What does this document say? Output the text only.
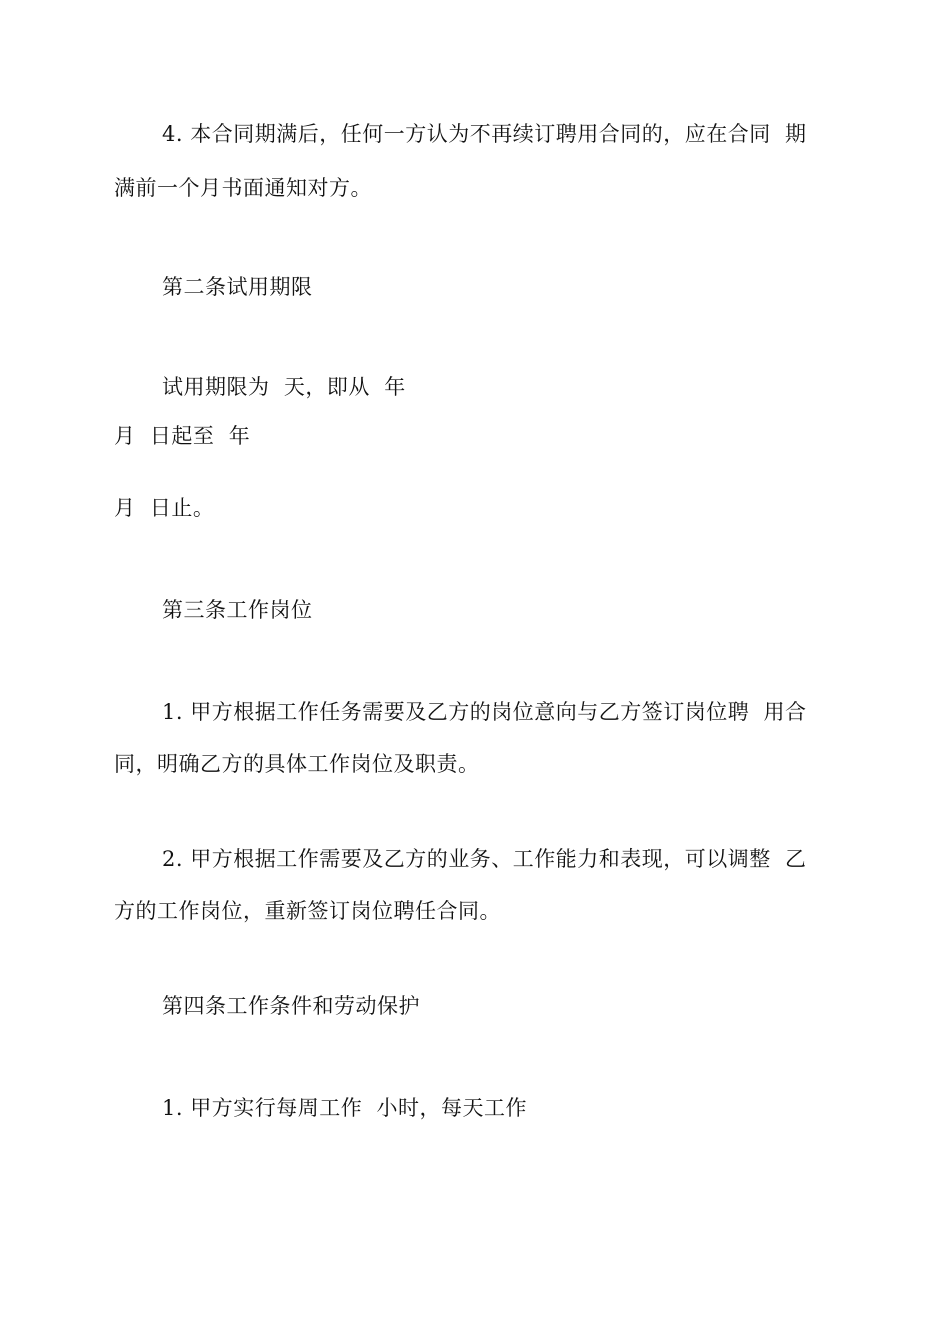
4. 本合同期满后，任何一方认为不再续订聘用合同的，应在合同  期
满前一个月书面通知对方。
第二条试用期限
试用期限为  天，即从  年
月  日起至  年
月  日止。
第三条工作岗位
1. 甲方根据工作任务需要及乙方的岗位意向与乙方签订岗位聘  用合
同，明确乙方的具体工作岗位及职责。
2. 甲方根据工作需要及乙方的业务、工作能力和表现，可以调整  乙
方的工作岗位，重新签订岗位聘任合同。
第四条工作条件和劳动保护
1. 甲方实行每周工作  小时，每天工作
